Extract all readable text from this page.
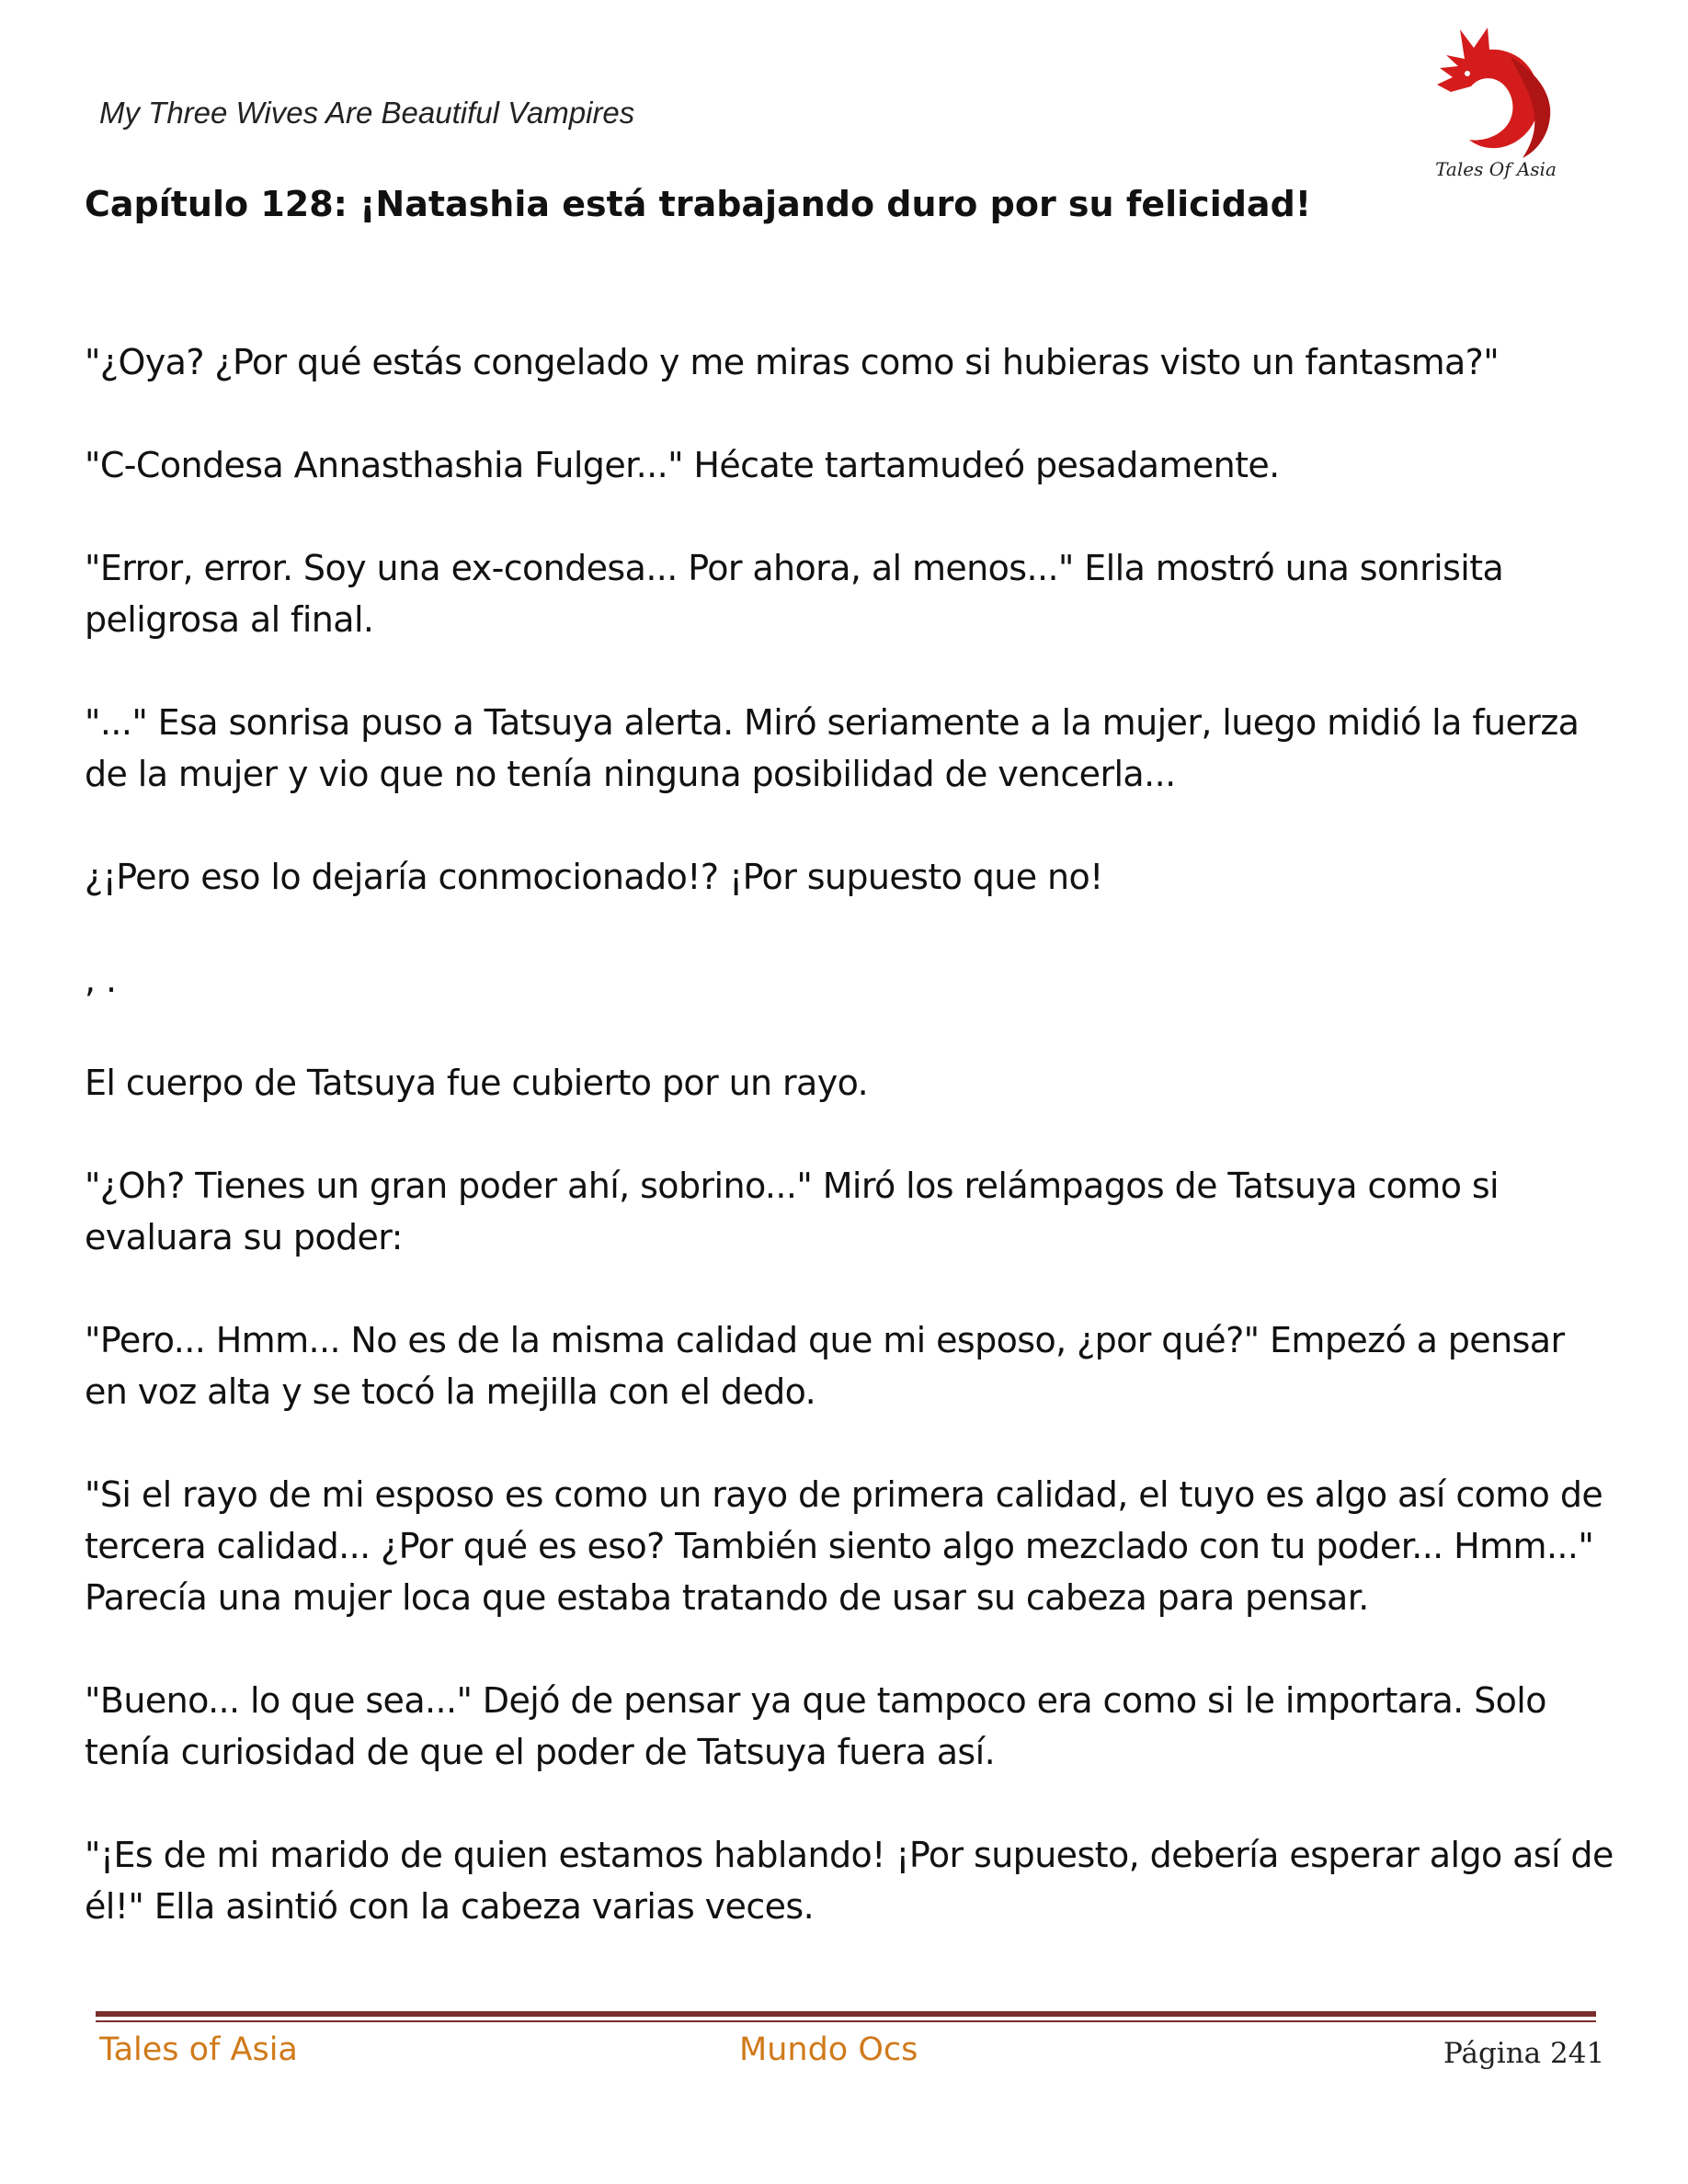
My Three Wives Are Beautiful Vampires
Tales Of Asia
Capítulo 128: ¡Natashia está trabajando duro por su felicidad!

"¿Oya? ¿Por qué estás congelado y me miras como si hubieras visto un fantasma?"

"C-Condesa Annasthashia Fulger..." Hécate tartamudeó pesadamente.

"Error, error. Soy una ex-condesa... Por ahora, al menos..." Ella mostró una sonrisita
peligrosa al final.

"..." Esa sonrisa puso a Tatsuya alerta. Miró seriamente a la mujer, luego midió la fuerza
de la mujer y vio que no tenía ninguna posibilidad de vencerla...

¿¡Pero eso lo dejaría conmocionado!? ¡Por supuesto que no!

, .

El cuerpo de Tatsuya fue cubierto por un rayo.

"¿Oh? Tienes un gran poder ahí, sobrino..." Miró los relámpagos de Tatsuya como si
evaluara su poder:

"Pero... Hmm... No es de la misma calidad que mi esposo, ¿por qué?" Empezó a pensar
en voz alta y se tocó la mejilla con el dedo.

"Si el rayo de mi esposo es como un rayo de primera calidad, el tuyo es algo así como de
tercera calidad... ¿Por qué es eso? También siento algo mezclado con tu poder... Hmm..."
Parecía una mujer loca que estaba tratando de usar su cabeza para pensar.

"Bueno... lo que sea..." Dejó de pensar ya que tampoco era como si le importara. Solo
tenía curiosidad de que el poder de Tatsuya fuera así.

"¡Es de mi marido de quien estamos hablando! ¡Por supuesto, debería esperar algo así de
él!" Ella asintió con la cabeza varias veces.

Tales of Asia	Mundo Ocs	Página 241
